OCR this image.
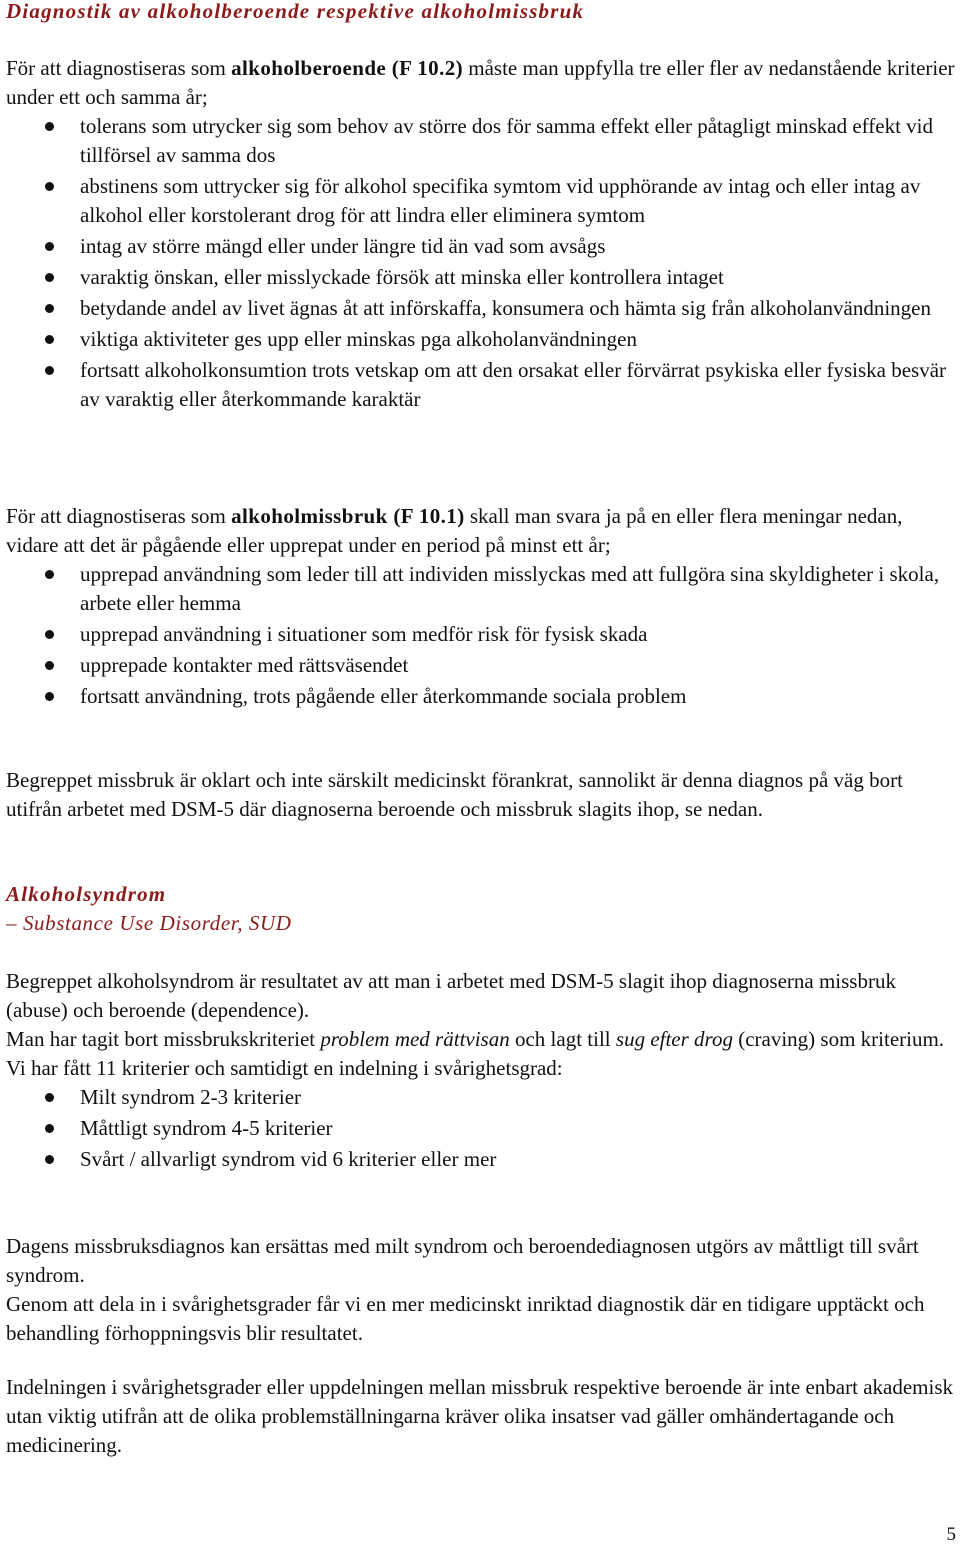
Diagnostik av alkoholberoende respektive alkoholmissbruk

För att diagnostiseras som alkoholberoende (F 10.2) måste man uppfylla tre eller fler av nedanstående kriterier under ett och samma år;

tolerans som utrycker sig som behov av större dos för samma effekt eller påtagligt minskad effekt vid tillförsel av samma dos
abstinens som uttrycker sig för alkohol specifika symtom vid upphörande av intag och eller intag av alkohol eller korstolerant drog för att lindra eller eliminera symtom
intag av större mängd eller under längre tid än vad som avsågs
varaktig önskan, eller misslyckade försök att minska eller kontrollera intaget
betydande andel av livet ägnas åt att införskaffa, konsumera och hämta sig från alkoholanvändningen
viktiga aktiviteter ges upp eller minskas pga alkoholanvändningen
fortsatt alkoholkonsumtion trots vetskap om att den orsakat eller förvärrat psykiska eller fysiska besvär av varaktig eller återkommande karaktär

För att diagnostiseras som alkoholmissbruk (F 10.1) skall man svara ja på en eller flera meningar nedan, vidare att det är pågående eller upprepat under en period på minst ett år;

upprepad användning som leder till att individen misslyckas med att fullgöra sina skyldigheter i skola, arbete eller hemma
upprepad användning i situationer som medför risk för fysisk skada
upprepade kontakter med rättsväsendet
fortsatt användning, trots pågående eller återkommande sociala problem

Begreppet missbruk är oklart och inte särskilt medicinskt förankrat, sannolikt är denna diagnos på väg bort utifrån arbetet med DSM-5 där diagnoserna beroende och missbruk slagits ihop, se nedan.

Alkoholsyndrom

– Substance Use Disorder, SUD

Begreppet alkoholsyndrom är resultatet av att man i arbetet med DSM-5 slagit ihop diagnoserna missbruk (abuse) och beroende (dependence).

Man har tagit bort missbrukskriteriet problem med rättvisan och lagt till sug efter drog (craving) som kriterium. Vi har fått 11 kriterier och samtidigt en indelning i svårighetsgrad:

Milt syndrom 2-3 kriterier
Måttligt syndrom 4-5 kriterier
Svårt / allvarligt syndrom vid 6 kriterier eller mer

Dagens missbruksdiagnos kan ersättas med milt syndrom och beroendediagnosen utgörs av måttligt till svårt syndrom.

Genom att dela in i svårighetsgrader får vi en mer medicinskt inriktad diagnostik där en tidigare upptäckt och behandling förhoppningsvis blir resultatet.

Indelningen i svårighetsgrader eller uppdelningen mellan missbruk respektive beroende är inte enbart akademisk utan viktig utifrån att de olika problemställningarna kräver olika insatser vad gäller omhändertagande och medicinering.

5
